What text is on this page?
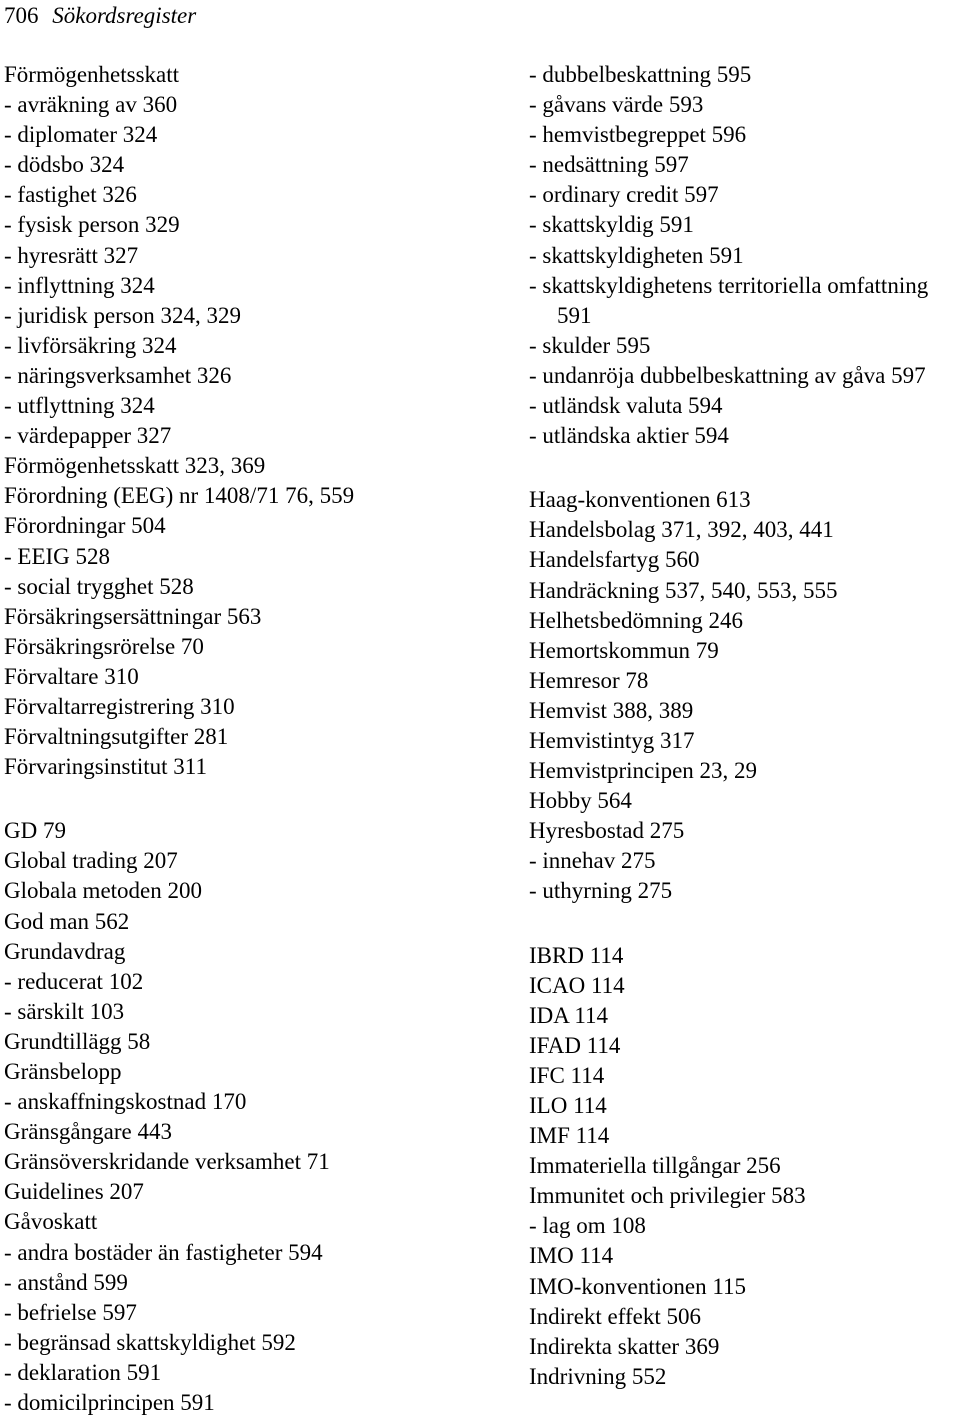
706 Sökordsregister
Förmögenhetsskatt
- avräkning av 360
- diplomater 324
- dödsbo 324
- fastighet 326
- fysisk person 329
- hyresrätt 327
- inflyttning 324
- juridisk person 324, 329
- livförsäkring 324
- näringsverksamhet 326
- utflyttning 324
- värdepapper 327
Förmögenhetsskatt 323, 369
Förordning (EEG) nr 1408/71 76, 559
Förordningar 504
- EEIG 528
- social trygghet 528
Försäkringsersättningar 563
Försäkringsrörelse 70
Förvaltare 310
Förvaltarregistrering 310
Förvaltningsutgifter 281
Förvaringsinstitut 311
GD 79
Global trading 207
Globala metoden 200
God man 562
Grundavdrag
- reducerat 102
- särskilt 103
Grundtillägg 58
Gränsbelopp
- anskaffningskostnad 170
Gränsgångare 443
Gränsöverskridande verksamhet 71
Guidelines 207
Gåvoskatt
- andra bostäder än fastigheter 594
- anstånd 599
- befrielse 597
- begränsad skattskyldighet 592
- deklaration 591
- domicilprincipen 591
- dubbelbeskattning 595
- gåvans värde 593
- hemvistbegreppet 596
- nedsättning 597
- ordinary credit 597
- skattskyldig 591
- skattskyldigheten 591
- skattskyldighetens territoriella omfattning 591
- skulder 595
- undanröja dubbelbeskattning av gåva 597
- utländsk valuta 594
- utländska aktier 594
Haag-konventionen 613
Handelsbolag 371, 392, 403, 441
Handelsfartyg 560
Handräckning 537, 540, 553, 555
Helhetsbedömning 246
Hemortskommun 79
Hemresor 78
Hemvist 388, 389
Hemvistintyg 317
Hemvistprincipen 23, 29
Hobby 564
Hyresbostad 275
- innehav 275
- uthyrning 275
IBRD 114
ICAO 114
IDA 114
IFAD 114
IFC 114
ILO 114
IMF 114
Immateriella tillgångar 256
Immunitet och privilegier 583
- lag om 108
IMO 114
IMO-konventionen 115
Indirekt effekt 506
Indirekta skatter 369
Indrivning 552
